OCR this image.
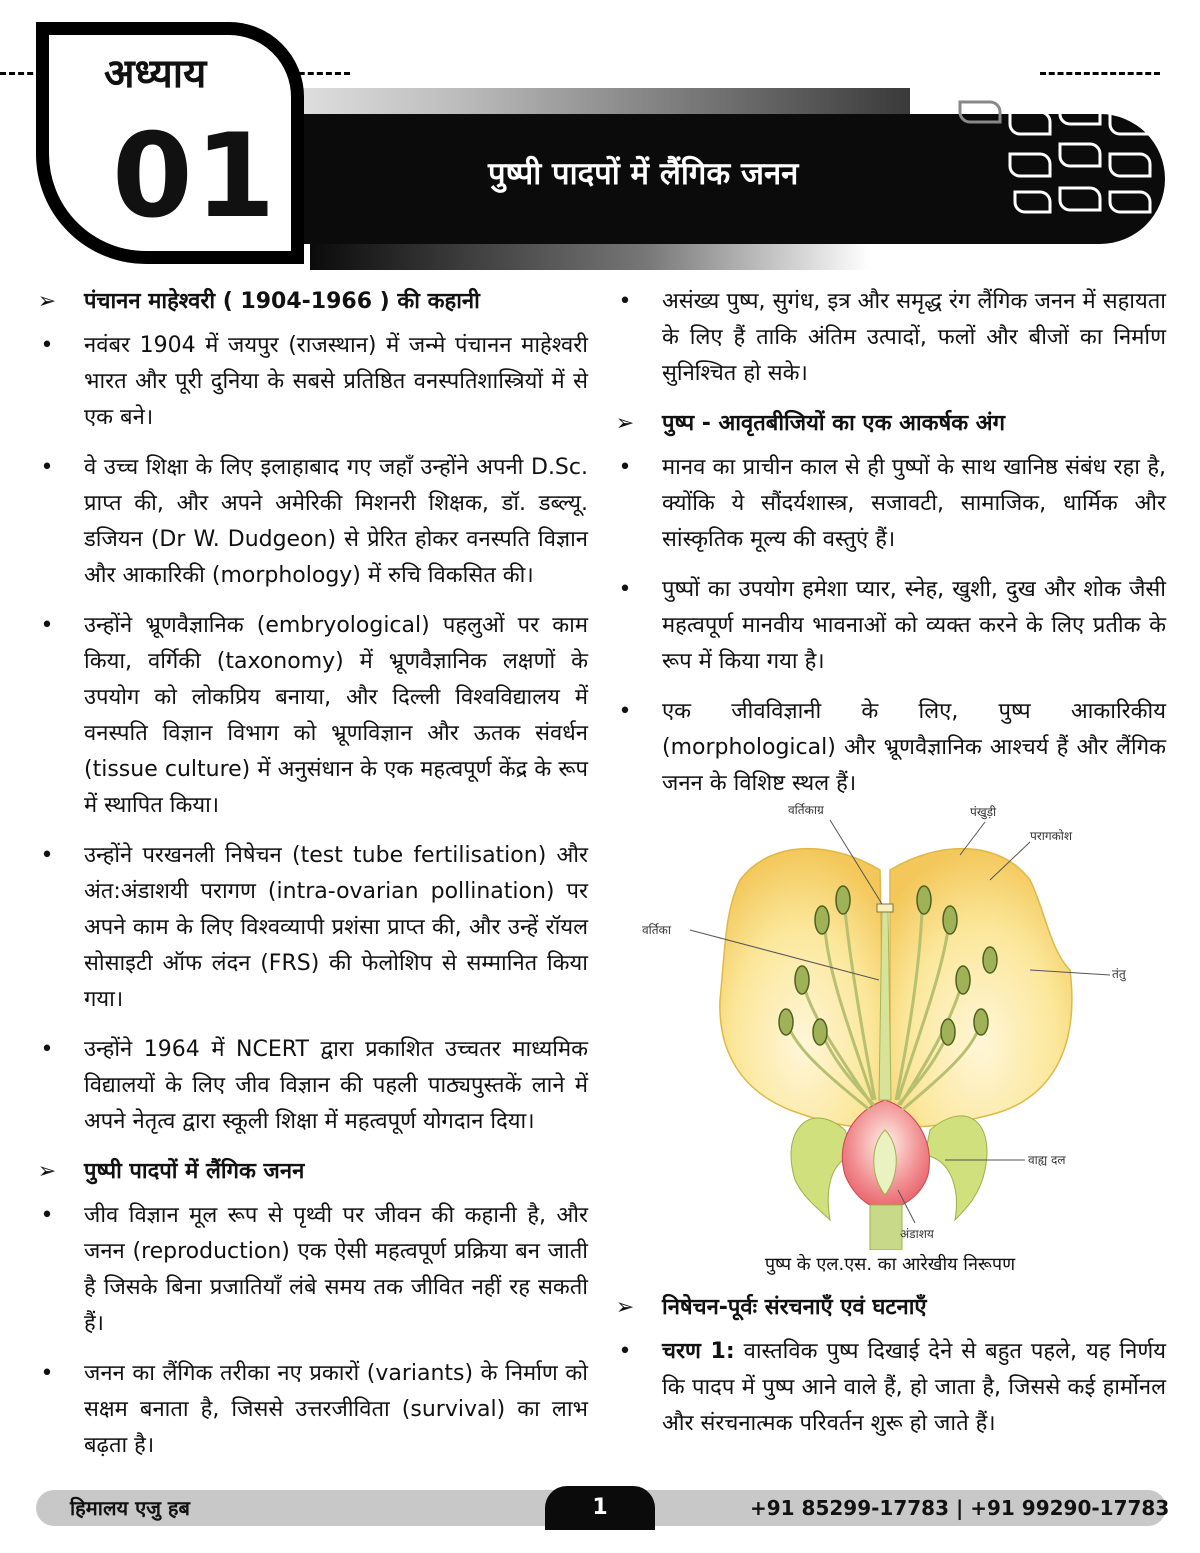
अध्याय
01	पुष्पी पादपों में लैंगिक जनन
➢ पंचानन माहेश्वरी ( 1904-1966 ) की कहानी
•	नवंबर 1904 में जयपुर (राजस्थान) में जन्मे पंचानन माहेश्वरी भारत और पूरी दुनिया के सबसे प्रतिष्ठित वनस्पतिशास्त्रियों में से एक बने।
•	वे उच्च शिक्षा के लिए इलाहाबाद गए जहाँ उन्होंने अपनी D.Sc. प्राप्त की, और अपने अमेरिकी मिशनरी शिक्षक, डॉ. डब्ल्यू. डजियन (Dr W. Dudgeon) से प्रेरित होकर वनस्पति विज्ञान और आकारिकी (morphology) में रुचि विकसित की।
•	उन्होंने भ्रूणवैज्ञानिक (embryological) पहलुओं पर काम किया, वर्गिकी (taxonomy) में भ्रूणवैज्ञानिक लक्षणों के उपयोग को लोकप्रिय बनाया, और दिल्ली विश्वविद्यालय में वनस्पति विज्ञान विभाग को भ्रूणविज्ञान और ऊतक संवर्धन (tissue culture) में अनुसंधान के एक महत्वपूर्ण केंद्र के रूप में स्थापित किया।
•	उन्होंने परखनली निषेचन (test tube fertilisation) और अंत:अंडाशयी परागण (intra-ovarian pollination) पर अपने काम के लिए विश्वव्यापी प्रशंसा प्राप्त की, और उन्हें रॉयल सोसाइटी ऑफ लंदन (FRS) की फेलोशिप से सम्मानित किया गया।
•	उन्होंने 1964 में NCERT द्वारा प्रकाशित उच्चतर माध्यमिक विद्यालयों के लिए जीव विज्ञान की पहली पाठ्यपुस्तकें लाने में अपने नेतृत्व द्वारा स्कूली शिक्षा में महत्वपूर्ण योगदान दिया।
➢ पुष्पी पादपों में लैंगिक जनन
•	जीव विज्ञान मूल रूप से पृथ्वी पर जीवन की कहानी है, और जनन (reproduction) एक ऐसी महत्वपूर्ण प्रक्रिया बन जाती है जिसके बिना प्रजातियाँ लंबे समय तक जीवित नहीं रह सकती हैं।
•	जनन का लैंगिक तरीका नए प्रकारों (variants) के निर्माण को सक्षम बनाता है, जिससे उत्तरजीविता (survival) का लाभ बढ़ता है।
•	असंख्य पुष्प, सुगंध, इत्र और समृद्ध रंग लैंगिक जनन में सहायता के लिए हैं ताकि अंतिम उत्पादों, फलों और बीजों का निर्माण सुनिश्चित हो सके।
➢ पुष्प - आवृतबीजियों का एक आकर्षक अंग
•	मानव का प्राचीन काल से ही पुष्पों के साथ खानिष्ठ संबंध रहा है, क्योंकि ये सौंदर्यशास्त्र, सजावटी, सामाजिक, धार्मिक और सांस्कृतिक मूल्य की वस्तुएं हैं।
•	पुष्पों का उपयोग हमेशा प्यार, स्नेह, खुशी, दुख और शोक जैसी महत्वपूर्ण मानवीय भावनाओं को व्यक्त करने के लिए प्रतीक के रूप में किया गया है।
•	एक जीवविज्ञानी के लिए, पुष्प आकारिकीय (morphological) और भ्रूणवैज्ञानिक आश्चर्य हैं और लैंगिक जनन के विशिष्ट स्थल हैं।
वर्तिकाग्र	पंखुड़ी
परागकोश
वर्तिका
तंतु
वाह्य दल
अंडाशय
पुष्प के एल.एस. का आरेखीय निरूपण
➢ निषेचन-पूर्वः संरचनाएँ एवं घटनाएँ
•	चरण 1: वास्तविक पुष्प दिखाई देने से बहुत पहले, यह निर्णय कि पादप में पुष्प आने वाले हैं, हो जाता है, जिससे कई हार्मोनल और संरचनात्मक परिवर्तन शुरू हो जाते हैं।
हिमालय एजु हब	1	+91 85299-17783 | +91 99290-17783
